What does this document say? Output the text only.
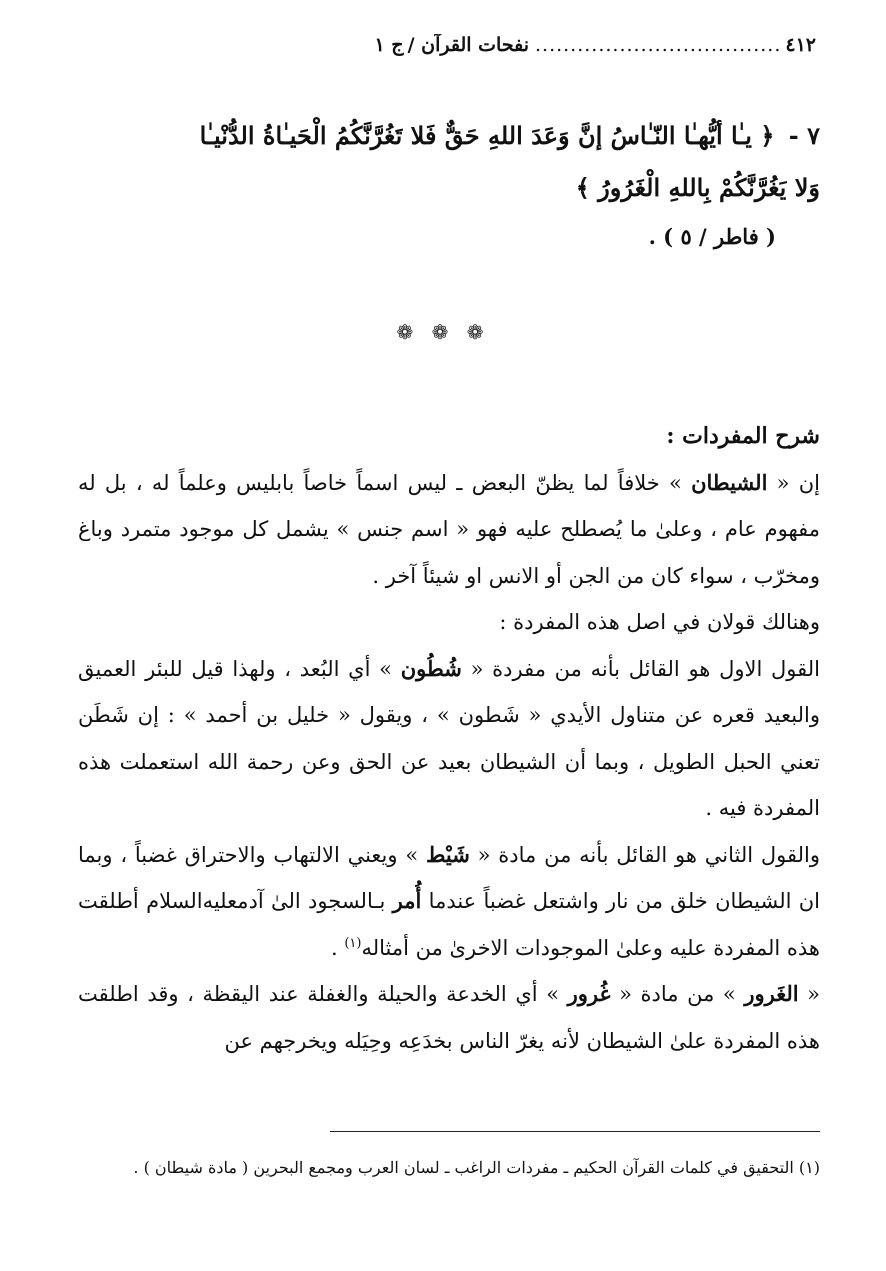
٤١٢...................................نفحات القرآن /ج ١
٧ - ﴿ يـٰا أيُّهـٰا النّـٰاسُ إنَّ وَعَدَ اللهِ حَقٌّ فَلا تَغُرَّنَّكُمُ الْحَيـٰاةُ الدُّنْيـٰا
وَلا يَغُرَّنَّكُمْ بِاللهِ الْغَرُورُ ﴾
( فاطر / ٥ ) .
❁ ❁ ❁

شرح المفردات :

إن « الشيطان » خلافاً لما يظنّ البعض ـ ليس اسماً خاصاً بابليس وعلماً له ، بل له مفهوم عام ، وعلىٰ ما يُصطلح عليه فهو « اسم جنس » يشمل كل موجود متمرد وباغ ومخرّب ، سواء كان من الجن أو الانس او شيئاً آخر .

وهنالك قولان في اصل هذه المفردة :

القول الاول هو القائل بأنه من مفردة « شُطُون » أي البُعد ، ولهذا قيل للبئر العميق والبعيد قعره عن متناول الأيدي « شَطون » ، ويقول « خليل بن أحمد » : إن شَطَن تعني الحبل الطويل ، وبما أن الشيطان بعيد عن الحق وعن رحمة الله استعملت هذه المفردة فيه .

والقول الثاني هو القائل بأنه من مادة « شَيْط » ويعني الالتهاب والاحتراق غضباً ، وبما ان الشيطان خلق من نار واشتعل غضباً عندما أُمر بـالسجود الىٰ آدمعليه‌السلام أطلقت هذه المفردة عليه وعلىٰ الموجودات الاخرىٰ من أمثاله$^{(١)}$ .

« الغَرور » من مادة « غُرور » أي الخدعة والحيلة والغفلة عند اليقظة ، وقد اطلقت هذه المفردة علىٰ الشيطان لأنه يغرّ الناس بخدَعِه وحِيَله ويخرجهم عن

(١) التحقيق في كلمات القرآن الحكيم ـ مفردات الراغب ـ لسان العرب ومجمع البحرين ( مادة شيطان ) .
